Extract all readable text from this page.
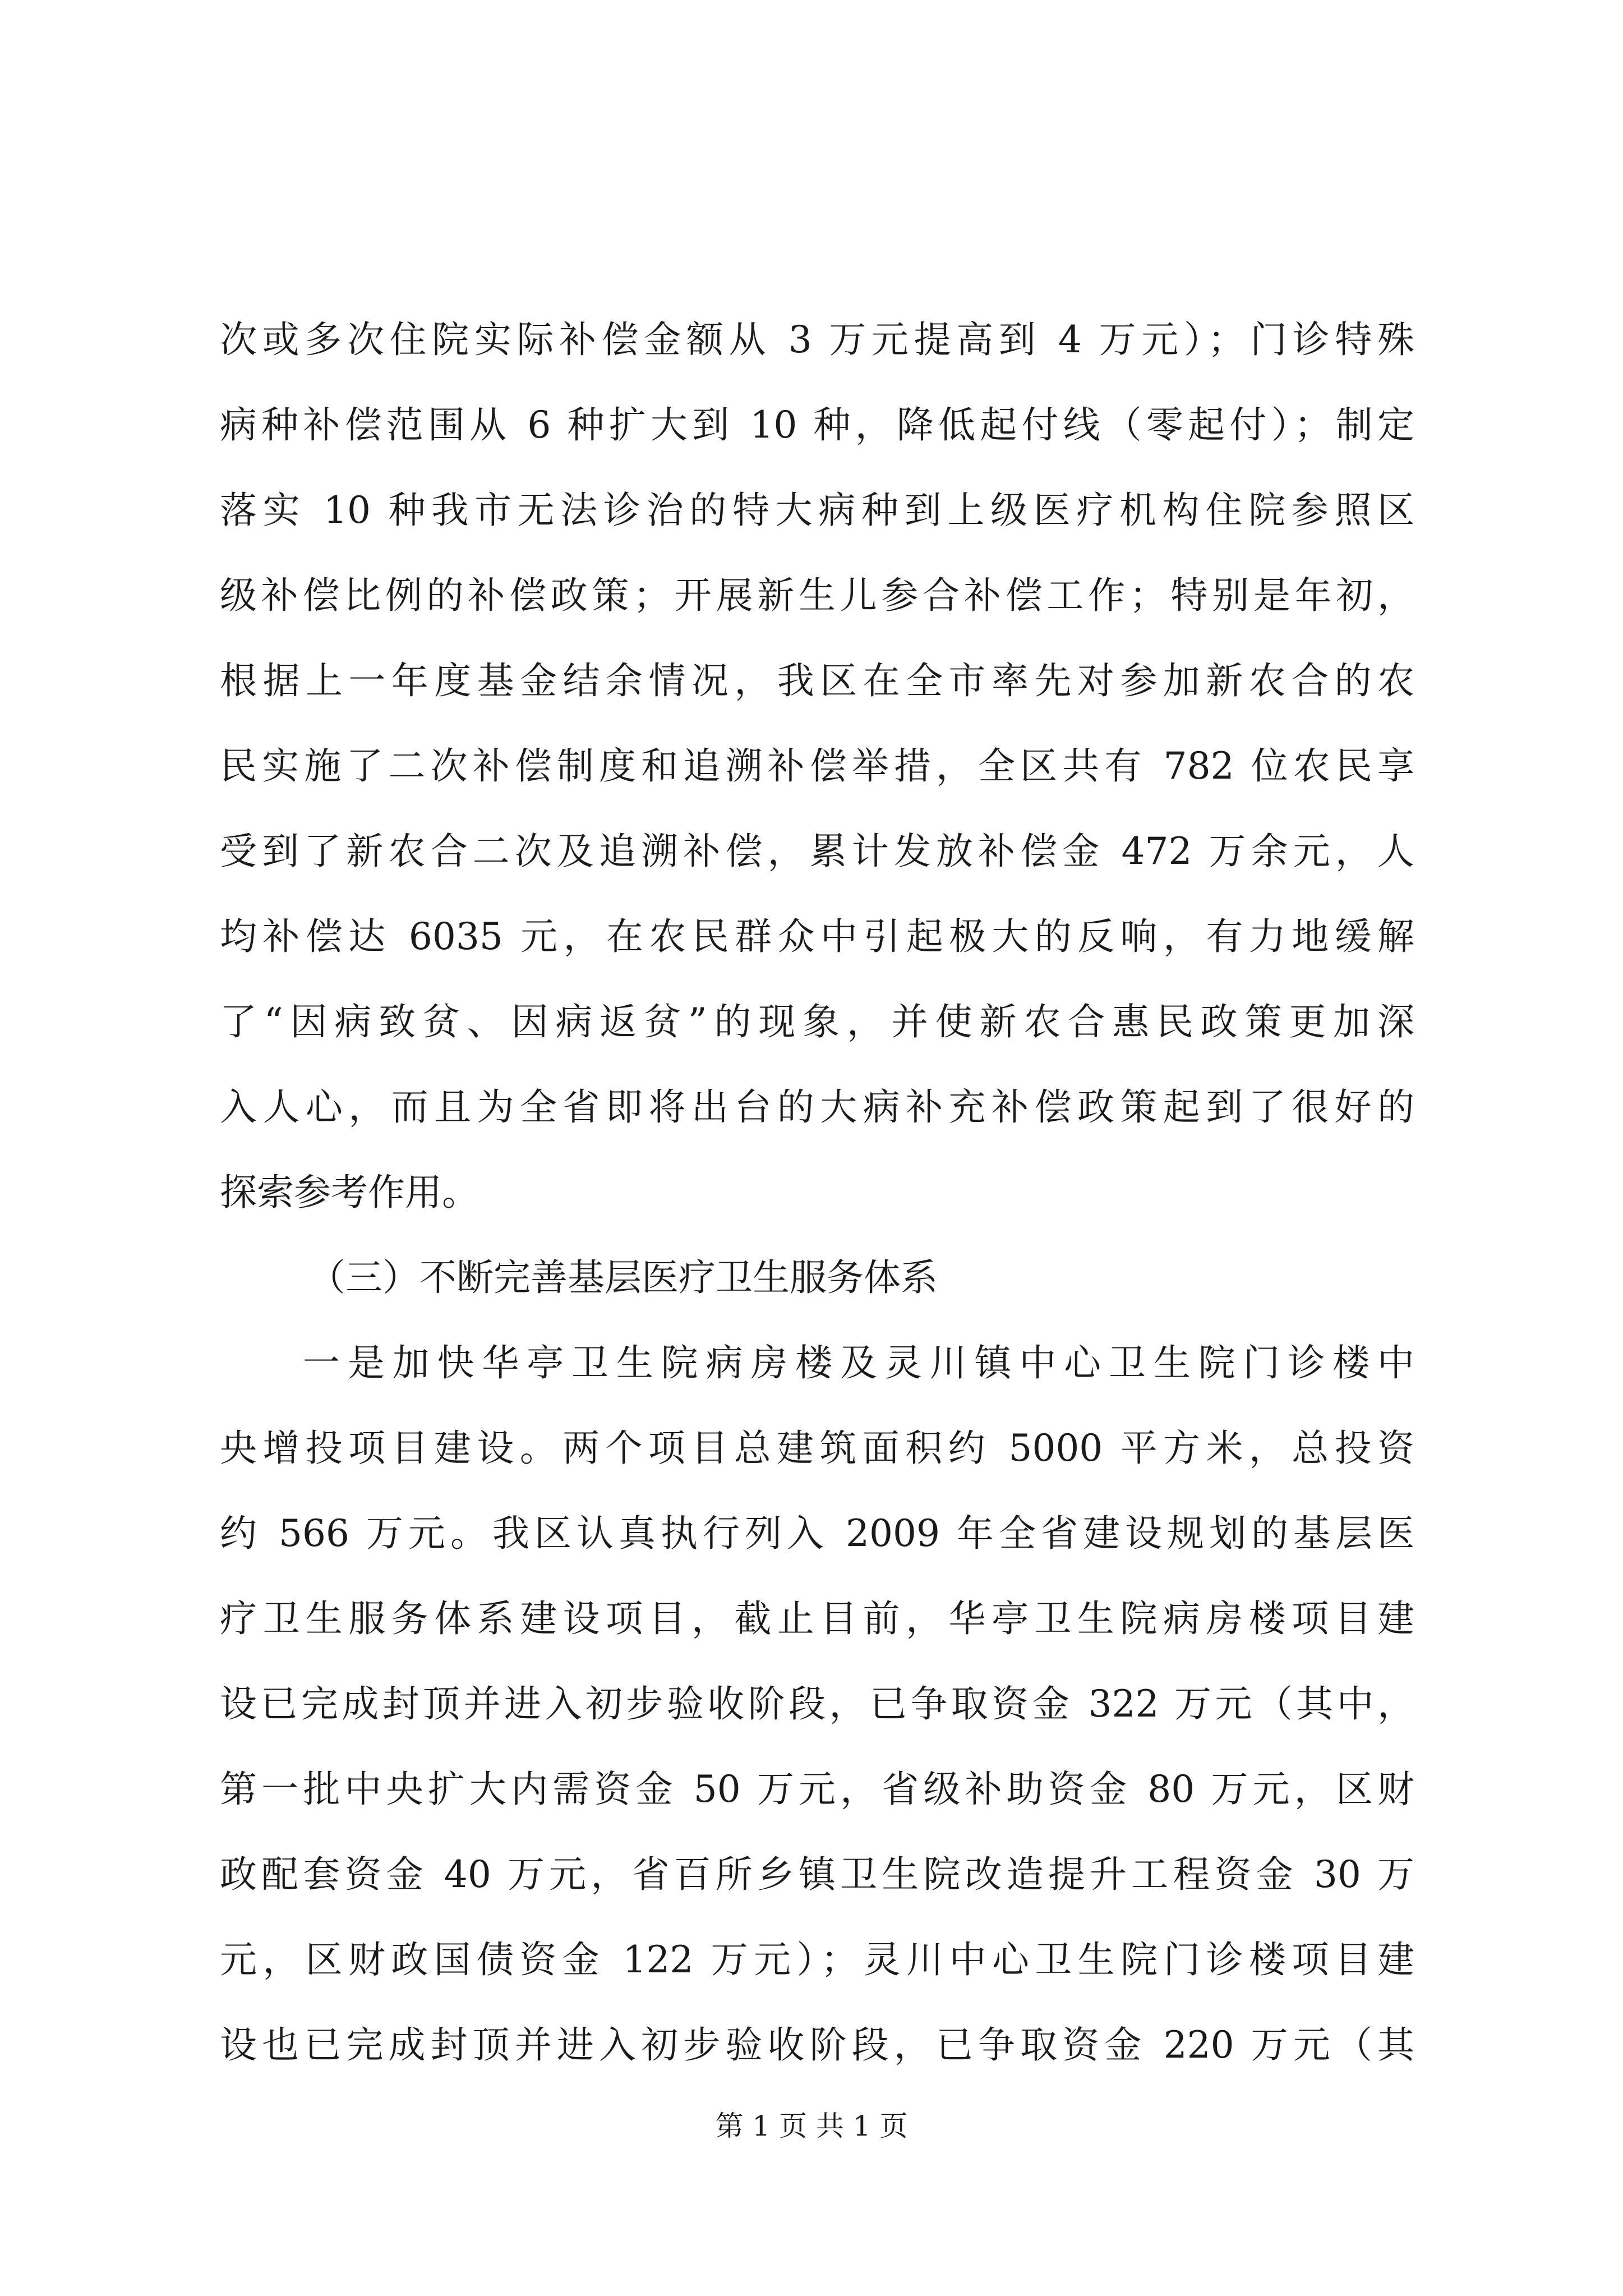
次或多次住院实际补偿金额从 3 万元提高到 4 万元）；门诊特殊
病种补偿范围从 6 种扩大到 10 种，降低起付线（零起付）；制定
落实 10 种我市无法诊治的特大病种到上级医疗机构住院参照区
级补偿比例的补偿政策；开展新生儿参合补偿工作；特别是年初，
根据上一年度基金结余情况，我区在全市率先对参加新农合的农
民实施了二次补偿制度和追溯补偿举措，全区共有 782 位农民享
受到了新农合二次及追溯补偿，累计发放补偿金 472 万余元，人
均补偿达 6035 元，在农民群众中引起极大的反响，有力地缓解
了“因病致贫、因病返贫”的现象，并使新农合惠民政策更加深
入人心，而且为全省即将出台的大病补充补偿政策起到了很好的
探索参考作用。
（三）不断完善基层医疗卫生服务体系
一是加快华亭卫生院病房楼及灵川镇中心卫生院门诊楼中
央增投项目建设。两个项目总建筑面积约 5000 平方米，总投资
约 566 万元。我区认真执行列入 2009 年全省建设规划的基层医
疗卫生服务体系建设项目，截止目前，华亭卫生院病房楼项目建
设已完成封顶并进入初步验收阶段，已争取资金 322 万元（其中，
第一批中央扩大内需资金 50 万元，省级补助资金 80 万元，区财
政配套资金 40 万元，省百所乡镇卫生院改造提升工程资金 30 万
元，区财政国债资金 122 万元）；灵川中心卫生院门诊楼项目建
设也已完成封顶并进入初步验收阶段，已争取资金 220 万元（其
第 1 页 共 1 页
